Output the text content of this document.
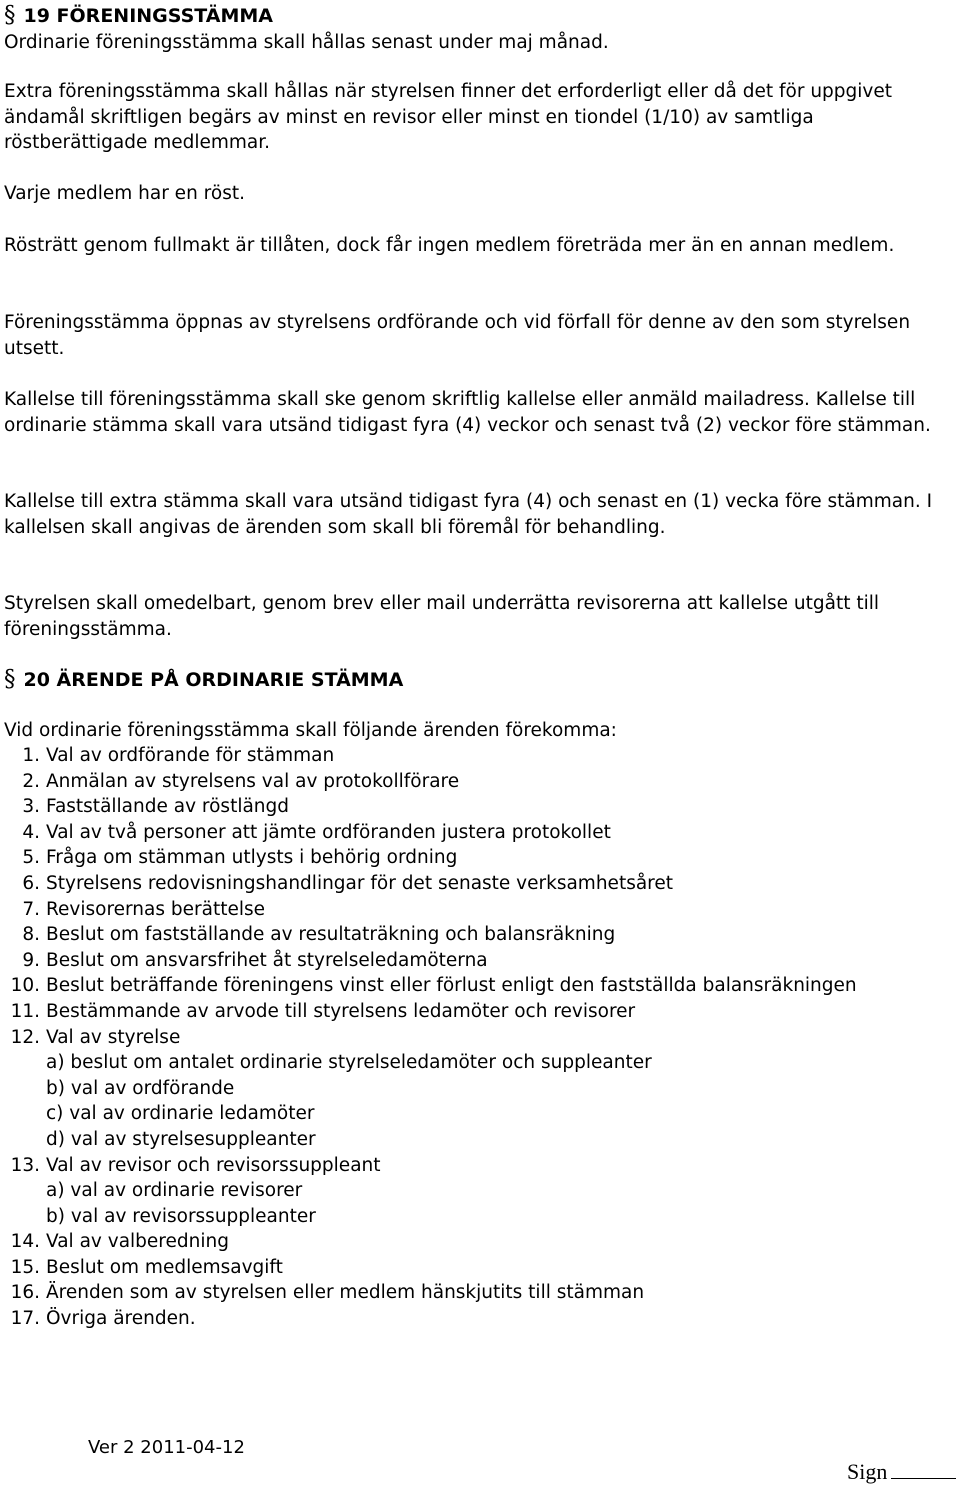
§ 19 FÖRENINGSSTÄMMA

Ordinarie föreningsstämma skall hållas senast under maj månad.

Extra föreningsstämma skall hållas när styrelsen finner det erforderligt eller då det för uppgivet ändamål skriftligen begärs av minst en revisor eller minst en tiondel (1/10) av samtliga röstberättigade medlemmar.

Varje medlem har en röst.

Rösträtt genom fullmakt är tillåten, dock får ingen medlem företräda mer än en annan medlem.

Föreningsstämma öppnas av styrelsens ordförande och vid förfall för denne av den som styrelsen utsett.

Kallelse till föreningsstämma skall ske genom skriftlig kallelse eller anmäld mailadress. Kallelse till ordinarie stämma skall vara utsänd tidigast fyra (4) veckor och senast två (2) veckor före stämman.

Kallelse till extra stämma skall vara utsänd tidigast fyra (4) och senast en (1) vecka före stämman. I kallelsen skall angivas de ärenden som skall bli föremål för behandling.

Styrelsen skall omedelbart, genom brev eller mail underrätta revisorerna att kallelse utgått till föreningsstämma.

§ 20 ÄRENDE PÅ ORDINARIE STÄMMA

Vid ordinarie föreningsstämma skall följande ärenden förekomma:

1. Val av ordförande för stämman
2. Anmälan av styrelsens val av protokollförare
3. Fastställande av röstlängd
4. Val av två personer att jämte ordföranden justera protokollet
5. Fråga om stämman utlysts i behörig ordning
6. Styrelsens redovisningshandlingar för det senaste verksamhetsåret
7. Revisorernas berättelse
8. Beslut om fastställande av resultaträkning och balansräkning
9. Beslut om ansvarsfrihet åt styrelseledamöterna
10. Beslut beträffande föreningens vinst eller förlust enligt den fastställda balansräkningen
11. Bestämmande av arvode till styrelsens ledamöter och revisorer
12. Val av styrelse
a) beslut om antalet ordinarie styrelseledamöter och suppleanter
b) val av ordförande
c) val av ordinarie ledamöter
d) val av styrelsesuppleanter
13. Val av revisor och revisorssuppleant
a) val av ordinarie revisorer
b) val av revisorssuppleanter
14. Val av valberedning
15. Beslut om medlemsavgift
16. Ärenden som av styrelsen eller medlem hänskjutits till stämman
17. Övriga ärenden.
Ver 2 2011-04-12
Sign
